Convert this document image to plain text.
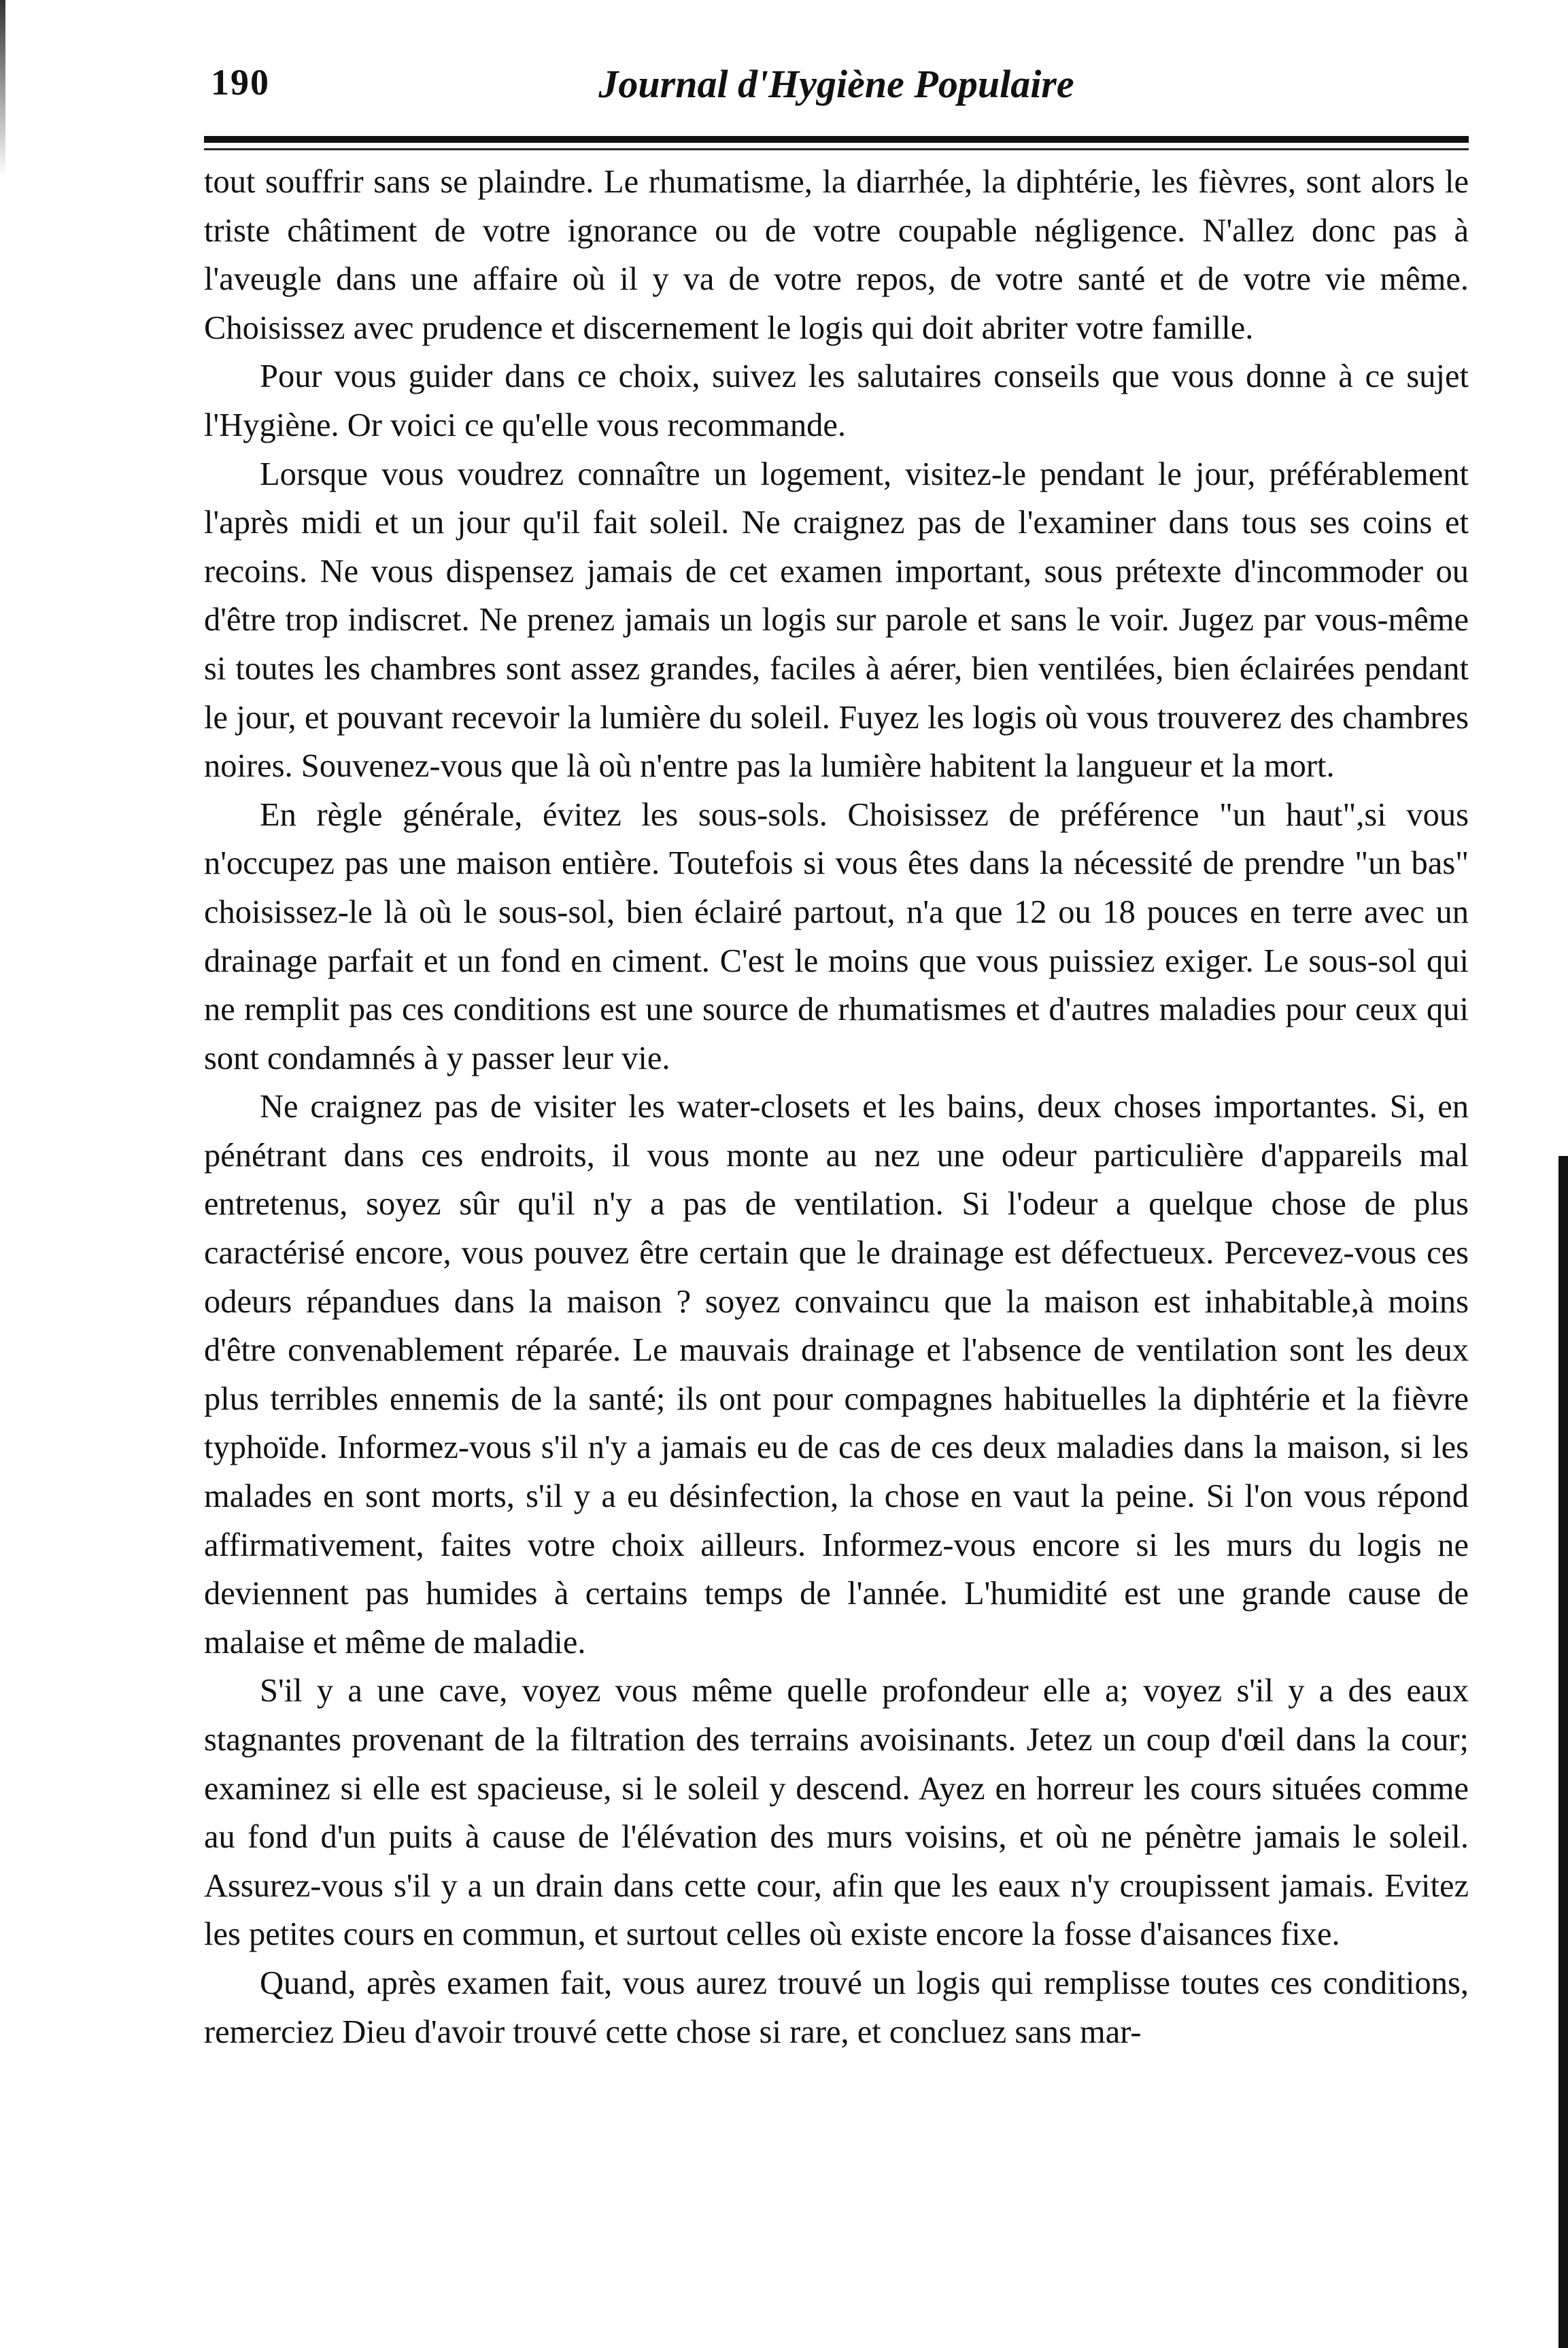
190	Journal d'Hygiène Populaire

tout souffrir sans se plaindre. Le rhumatisme, la diarrhée, la diphtérie, les fièvres, sont alors le triste châtiment de votre ignorance ou de votre coupable négligence. N'allez donc pas à l'aveugle dans une affaire où il y va de votre repos, de votre santé et de votre vie même. Choisissez avec prudence et discernement le logis qui doit abriter votre famille.

Pour vous guider dans ce choix, suivez les salutaires conseils que vous donne à ce sujet l'Hygiène. Or voici ce qu'elle vous recommande.

Lorsque vous voudrez connaître un logement, visitez-le pendant le jour, préférablement l'après midi et un jour qu'il fait soleil. Ne craignez pas de l'examiner dans tous ses coins et recoins. Ne vous dispensez jamais de cet examen important, sous prétexte d'incommoder ou d'être trop indiscret. Ne prenez jamais un logis sur parole et sans le voir. Jugez par vous-même si toutes les chambres sont assez grandes, faciles à aérer, bien ventilées, bien éclairées pendant le jour, et pouvant recevoir la lumière du soleil. Fuyez les logis où vous trouverez des chambres noires. Souvenez-vous que là où n'entre pas la lumière habitent la langueur et la mort.

En règle générale, évitez les sous-sols. Choisissez de préférence "un haut",si vous n'occupez pas une maison entière. Toutefois si vous êtes dans la nécessité de prendre "un bas" choisissez-le là où le sous-sol, bien éclairé partout, n'a que 12 ou 18 pouces en terre avec un drainage parfait et un fond en ciment. C'est le moins que vous puissiez exiger. Le sous-sol qui ne remplit pas ces conditions est une source de rhumatismes et d'autres maladies pour ceux qui sont condamnés à y passer leur vie.

Ne craignez pas de visiter les water-closets et les bains, deux choses importantes. Si, en pénétrant dans ces endroits, il vous monte au nez une odeur particulière d'appareils mal entretenus, soyez sûr qu'il n'y a pas de ventilation. Si l'odeur a quelque chose de plus caractérisé encore, vous pouvez être certain que le drainage est défectueux. Percevez-vous ces odeurs répandues dans la maison ? soyez convaincu que la maison est inhabitable,à moins d'être convenablement réparée. Le mauvais drainage et l'absence de ventilation sont les deux plus terribles ennemis de la santé; ils ont pour compagnes habituelles la diphtérie et la fièvre typhoïde. Informez-vous s'il n'y a jamais eu de cas de ces deux maladies dans la maison, si les malades en sont morts, s'il y a eu désinfection, la chose en vaut la peine. Si l'on vous répond affirmativement, faites votre choix ailleurs. Informez-vous encore si les murs du logis ne deviennent pas humides à certains temps de l'année. L'humidité est une grande cause de malaise et même de maladie.

S'il y a une cave, voyez vous même quelle profondeur elle a; voyez s'il y a des eaux stagnantes provenant de la filtration des terrains avoisinants. Jetez un coup d'œil dans la cour; examinez si elle est spacieuse, si le soleil y descend. Ayez en horreur les cours situées comme au fond d'un puits à cause de l'élévation des murs voisins, et où ne pénètre jamais le soleil. Assurez-vous s'il y a un drain dans cette cour, afin que les eaux n'y croupissent jamais. Evitez les petites cours en commun, et surtout celles où existe encore la fosse d'aisances fixe.

Quand, après examen fait, vous aurez trouvé un logis qui remplisse toutes ces conditions, remerciez Dieu d'avoir trouvé cette chose si rare, et concluez sans mar-
